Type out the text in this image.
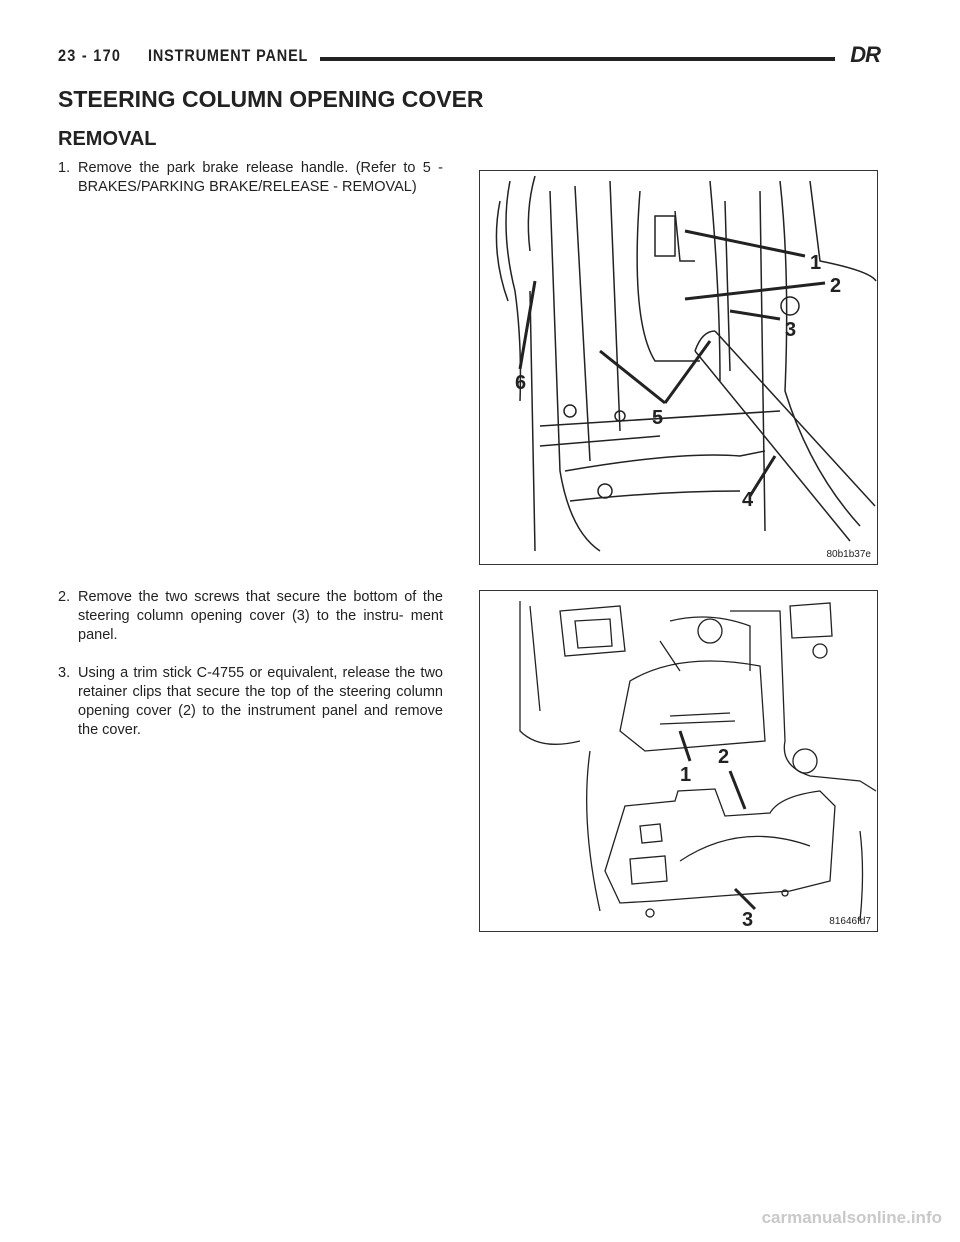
23 - 170 INSTRUMENT PANEL	DR
STEERING COLUMN OPENING COVER
REMOVAL
1. Remove the park brake release handle. (Refer to 5 - BRAKES/PARKING BRAKE/RELEASE - REMOVAL)
2. Remove the two screws that secure the bottom of the steering column opening cover (3) to the instru- ment panel.
3. Using a trim stick C-4755 or equivalent, release the two retainer clips that secure the top of the steering column opening cover (2) to the instrument panel and remove the cover.
1
2
3
4
5
6
80b1b37e
1
2
3	81646fd7
carmanualsonline.info
